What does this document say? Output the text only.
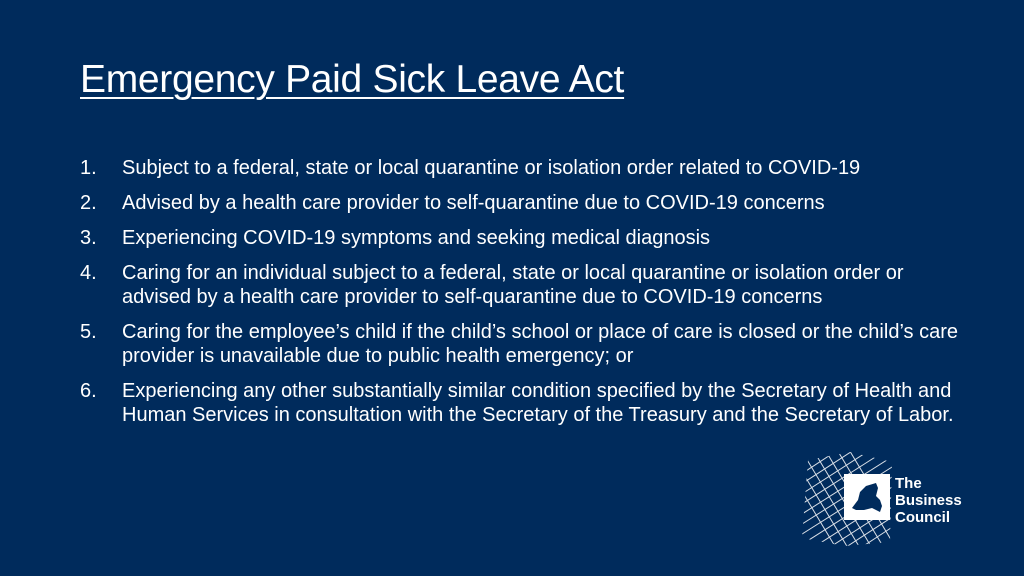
Emergency Paid Sick Leave Act
1. Subject to a federal, state or local quarantine or isolation order related to COVID-19
2. Advised by a health care provider to self-quarantine due to COVID-19 concerns
3. Experiencing COVID-19 symptoms and seeking medical diagnosis
4. Caring for an individual subject to a federal, state or local quarantine or isolation order or advised by a health care provider to self-quarantine due to COVID-19 concerns
5. Caring for the employee’s child if the child’s school or place of care is closed or the child’s care provider is unavailable due to public health emergency; or
6. Experiencing any other substantially similar condition specified by the Secretary of Health and Human Services in consultation with the Secretary of the Treasury and the Secretary of Labor.
The
Business
Council
